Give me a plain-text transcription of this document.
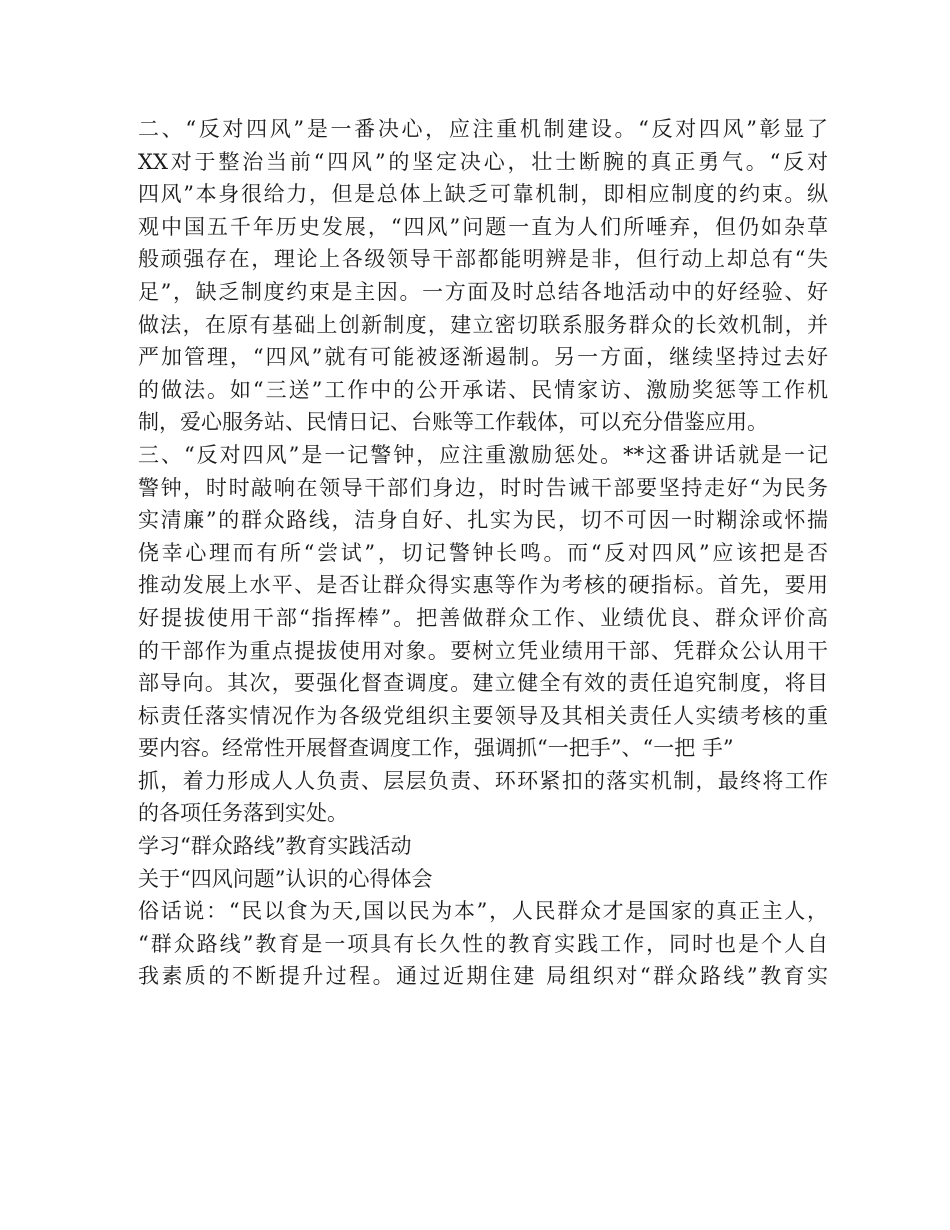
二、“反对四风”是一番决心，应注重机制建设。“反对四风”彰显了
XX对于整治当前“四风”的坚定决心，壮士断腕的真正勇气。“反对
四风”本身很给力，但是总体上缺乏可靠机制，即相应制度的约束。纵
观中国五千年历史发展，“四风”问题一直为人们所唾弃，但仍如杂草
般顽强存在，理论上各级领导干部都能明辨是非，但行动上却总有“失
足”，缺乏制度约束是主因。一方面及时总结各地活动中的好经验、好
做法，在原有基础上创新制度，建立密切联系服务群众的长效机制，并
严加管理，“四风”就有可能被逐渐遏制。另一方面，继续坚持过去好
的做法。如“三送”工作中的公开承诺、民情家访、激励奖惩等工作机
制，爱心服务站、民情日记、台账等工作载体，可以充分借鉴应用。
三、“反对四风”是一记警钟，应注重激励惩处。**这番讲话就是一记
警钟，时时敲响在领导干部们身边，时时告诫干部要坚持走好“为民务
实清廉”的群众路线，洁身自好、扎实为民，切不可因一时糊涂或怀揣
侥幸心理而有所“尝试”，切记警钟长鸣。而“反对四风”应该把是否
推动发展上水平、是否让群众得实惠等作为考核的硬指标。首先，要用
好提拔使用干部“指挥棒”。把善做群众工作、业绩优良、群众评价高
的干部作为重点提拔使用对象。要树立凭业绩用干部、凭群众公认用干
部导向。其次，要强化督查调度。建立健全有效的责任追究制度，将目
标责任落实情况作为各级党组织主要领导及其相关责任人实绩考核的重
要内容。经常性开展督查调度工作，强调抓“一把手”、“一把 手”
抓，着力形成人人负责、层层负责、环环紧扣的落实机制，最终将工作
的各项任务落到实处。
学习“群众路线”教育实践活动
关于“四风问题”认识的心得体会
俗话说：“民以食为天,国以民为本”，人民群众才是国家的真正主人，
“群众路线”教育是一项具有长久性的教育实践工作，同时也是个人自
我素质的不断提升过程。通过近期住建 局组织对“群众路线”教育实
